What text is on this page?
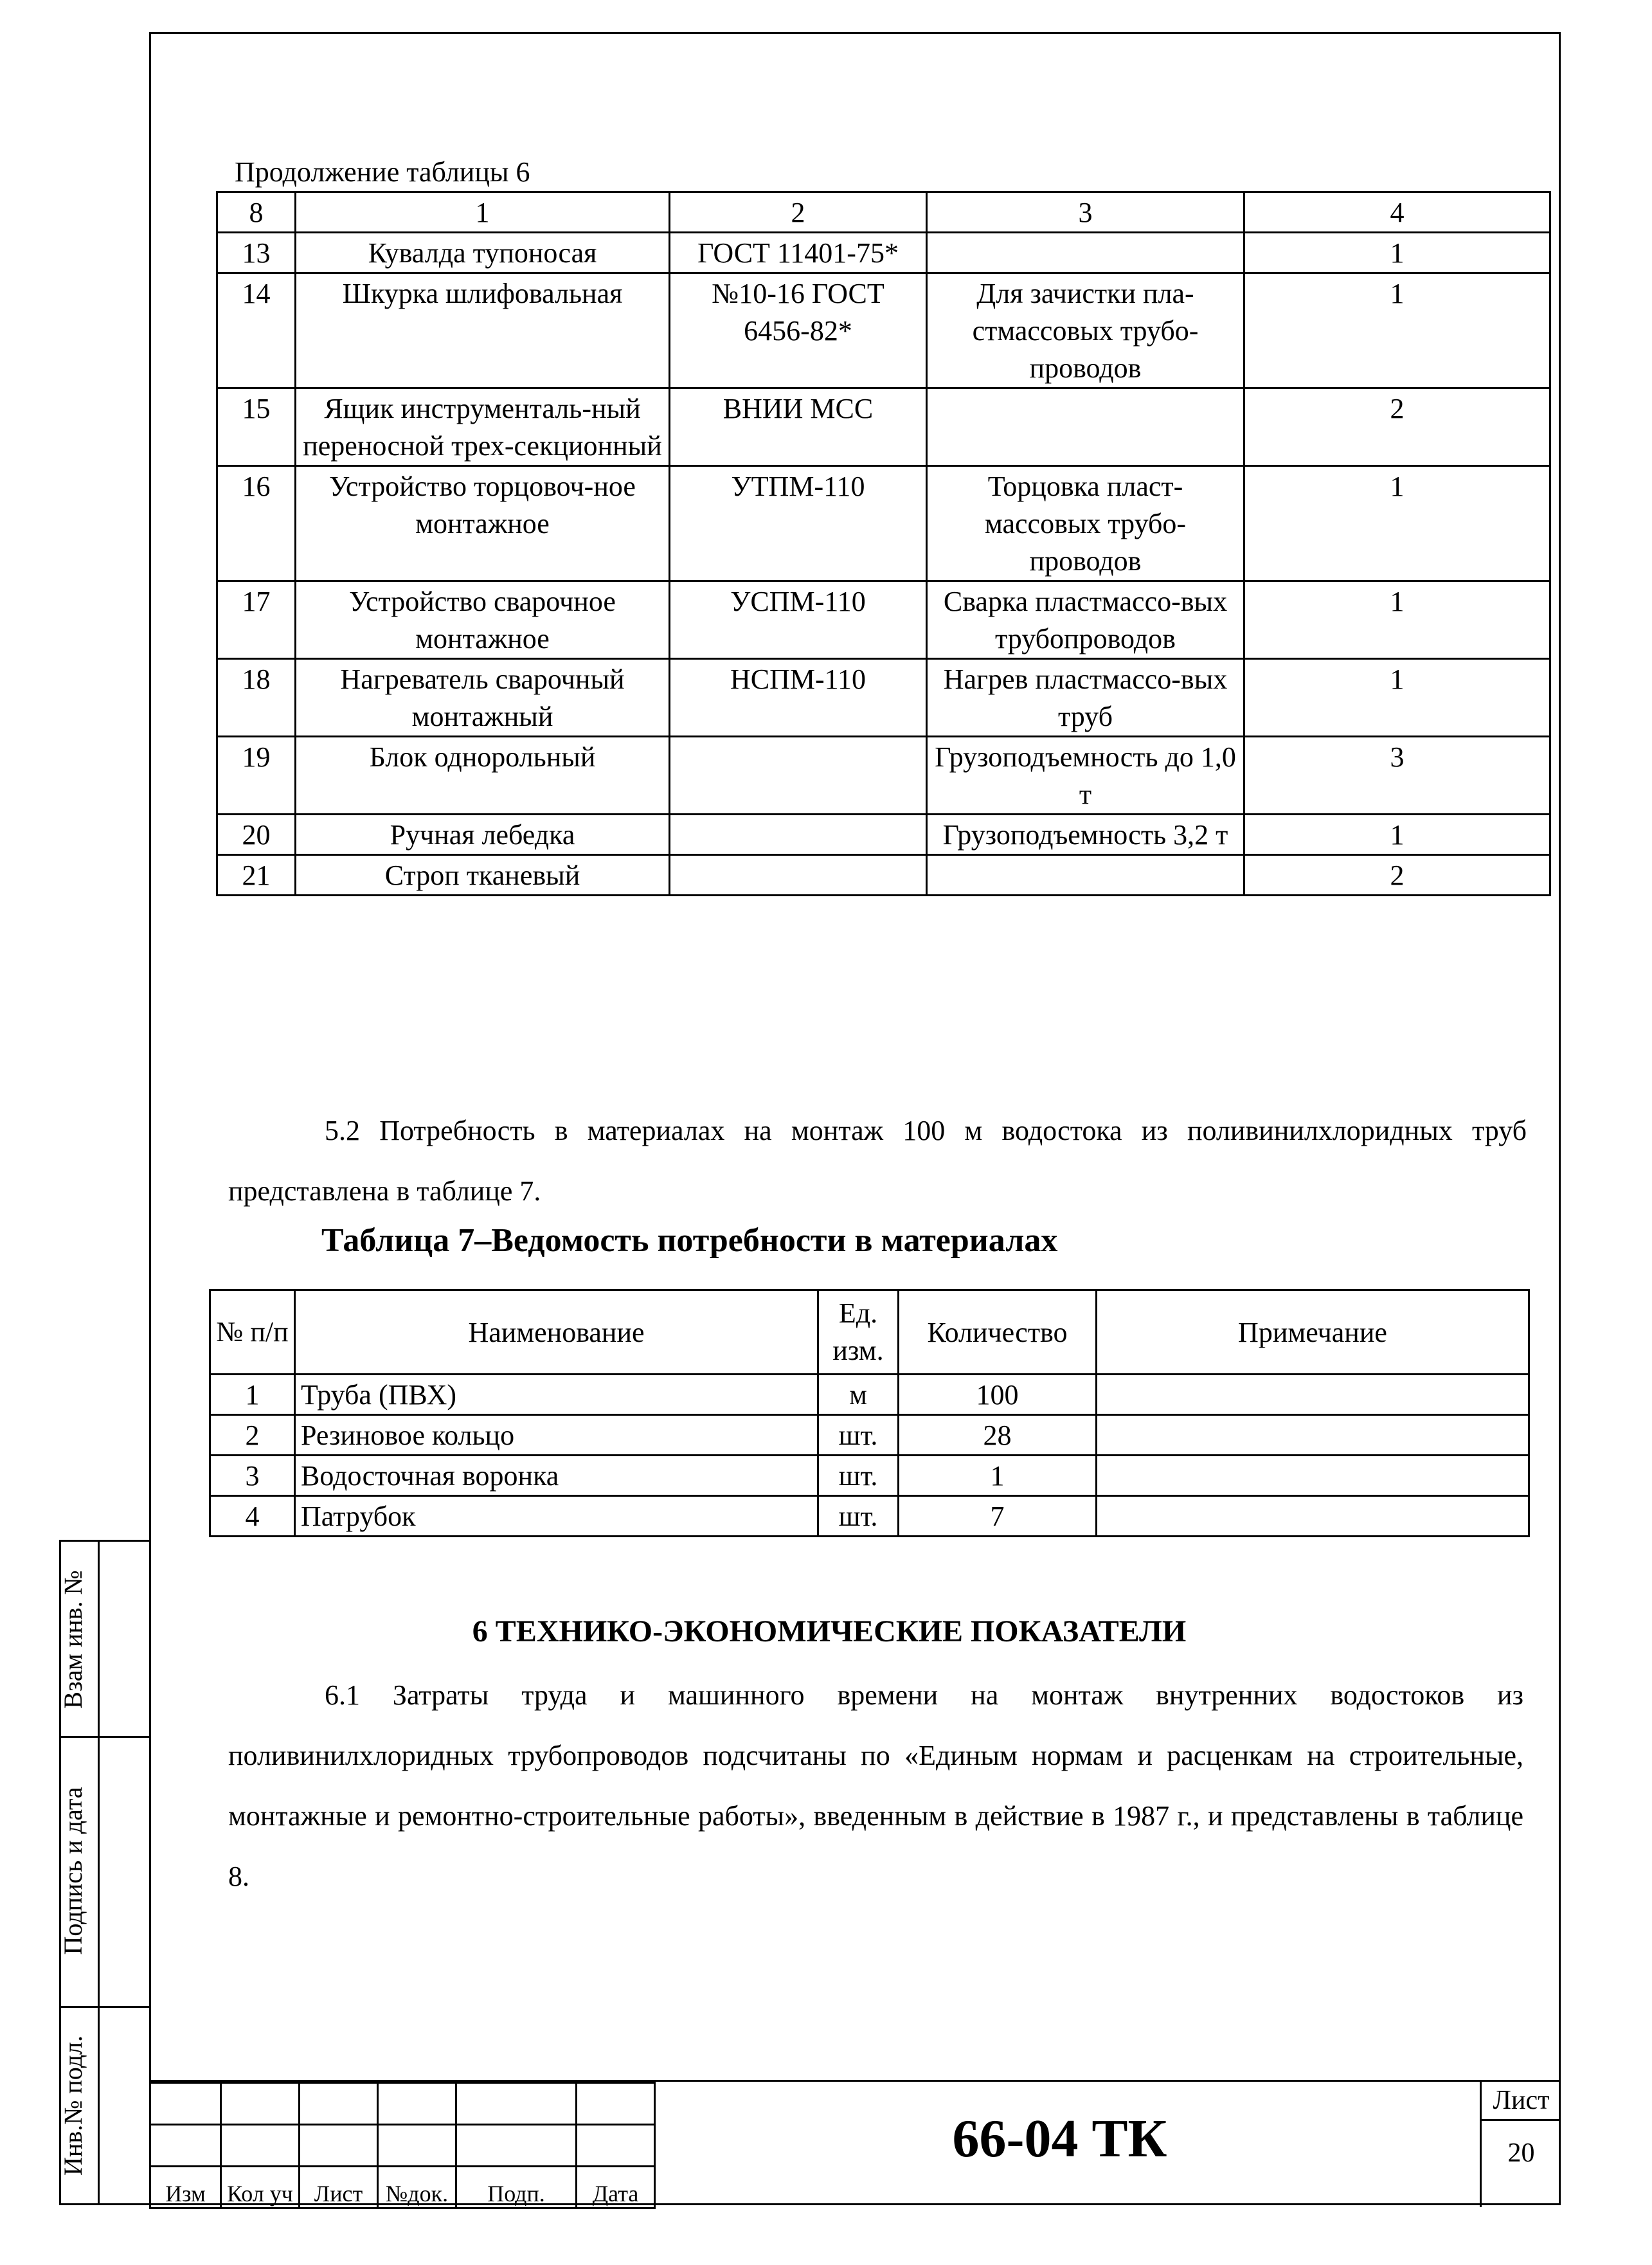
Взам инв. №
Подпись и дата
Инв.№ подл.
Продолжение таблицы 6
8	1	2	3	4
13	Кувалда тупоносая	ГОСТ 11401-75*		1
14	Шкурка шлифовальная	№10-16 ГОСТ 6456-82*	Для зачистки пла-стмассовых трубо-проводов	1
15	Ящик инструменталь-ный переносной трех-секционный	ВНИИ МСС		2
16	Устройство торцовоч-ное монтажное	УТПМ-110	Торцовка пласт-массовых трубо-проводов	1
17	Устройство сварочное монтажное	УСПМ-110	Сварка пластмассо-вых трубопроводов	1
18	Нагреватель сварочный монтажный	НСПМ-110	Нагрев пластмассо-вых труб	1
19	Блок однорольный		Грузоподъемность до 1,0 т	3
20	Ручная лебедка		Грузоподъемность 3,2 т	1
21	Строп тканевый			2
5.2 Потребность в материалах на монтаж 100 м водостока из поливинилхлоридных труб представлена в таблице 7.
Таблица 7–Ведомость потребности в материалах
№ п/п	Наименование	Ед. изм.	Количество	Примечание
1	Труба (ПВХ)	м	100	
2	Резиновое кольцо	шт.	28	
3	Водосточная воронка	шт.	1	
4	Патрубок	шт.	7	
6 ТЕХНИКО-ЭКОНОМИЧЕСКИЕ ПОКАЗАТЕЛИ
6.1 Затраты труда и машинного времени на монтаж внутренних водостоков из поливинилхлоридных трубопроводов подсчитаны по «Единым нормам и расценкам на строительные, монтажные и ремонтно-строительные работы», введенным в действие в 1987 г., и представлены в таблице 8.

Изм	Кол уч	Лист	№док.	Подп.	Дата
66-04 ТК
Лист
20
